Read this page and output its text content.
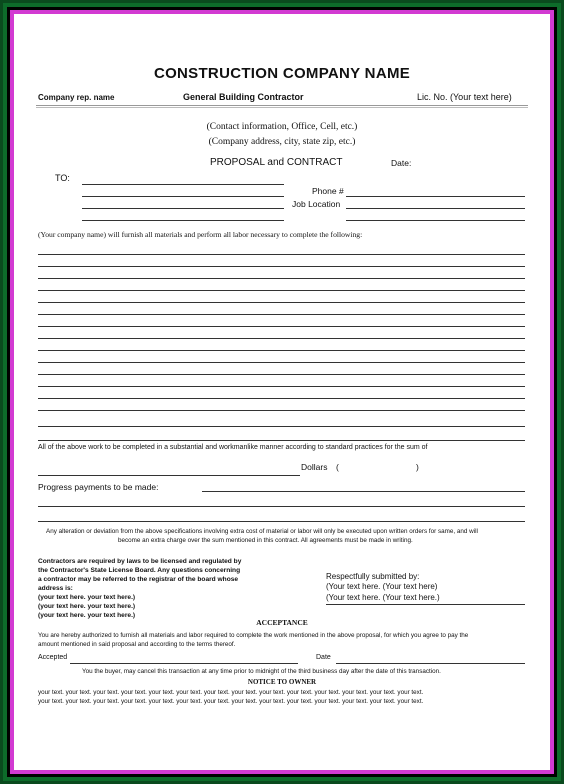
CONSTRUCTION COMPANY NAME
Company rep. name	General Building Contractor	Lic. No. (Your text here)
(Contact information, Office, Cell, etc.)
(Company address, city, state zip, etc.)
PROPOSAL and CONTRACT	Date:
TO:
Phone #
Job Location
(Your company name) will furnish all materials and perform all labor necessary to complete the following:
All of the above work to be completed in a substantial and workmanlike manner according to standard practices for the sum of
Dollars (	)
Progress payments to be made:
Any alteration or deviation from the above specifications involving extra cost of material or labor will only be executed upon written orders for same, and will
become an extra charge over the sum mentioned in this contract. All agreements must be made in writing.
Contractors are required by laws to be licensed and regulated by
the Contractor's State License Board. Any questions concerning
a contractor may be referred to the registrar of the board whose
address is:
(your text here. your text here.)
(your text here. your text here.)
(your text here. your text here.)
Respectfully submitted by:
(Your text here. (Your text here)
(Your text here. (Your text here.)
ACCEPTANCE
You are hereby authorized to furnish all materials and labor required to complete the work mentioned in the above proposal, for which you agree to pay the
amount mentioned in said proposal and according to the terms thereof.
Accepted	Date
You the buyer, may cancel this transaction at any time prior to midnight of the third business day after the date of this transaction.
NOTICE TO OWNER
your text. your text. your text. your text. your text. your text. your text. your text. your text. your text. your text. your text. your text. your text.
your text. your text. your text. your text. your text. your text. your text. your text. your text. your text. your text. your text. your text. your text.
